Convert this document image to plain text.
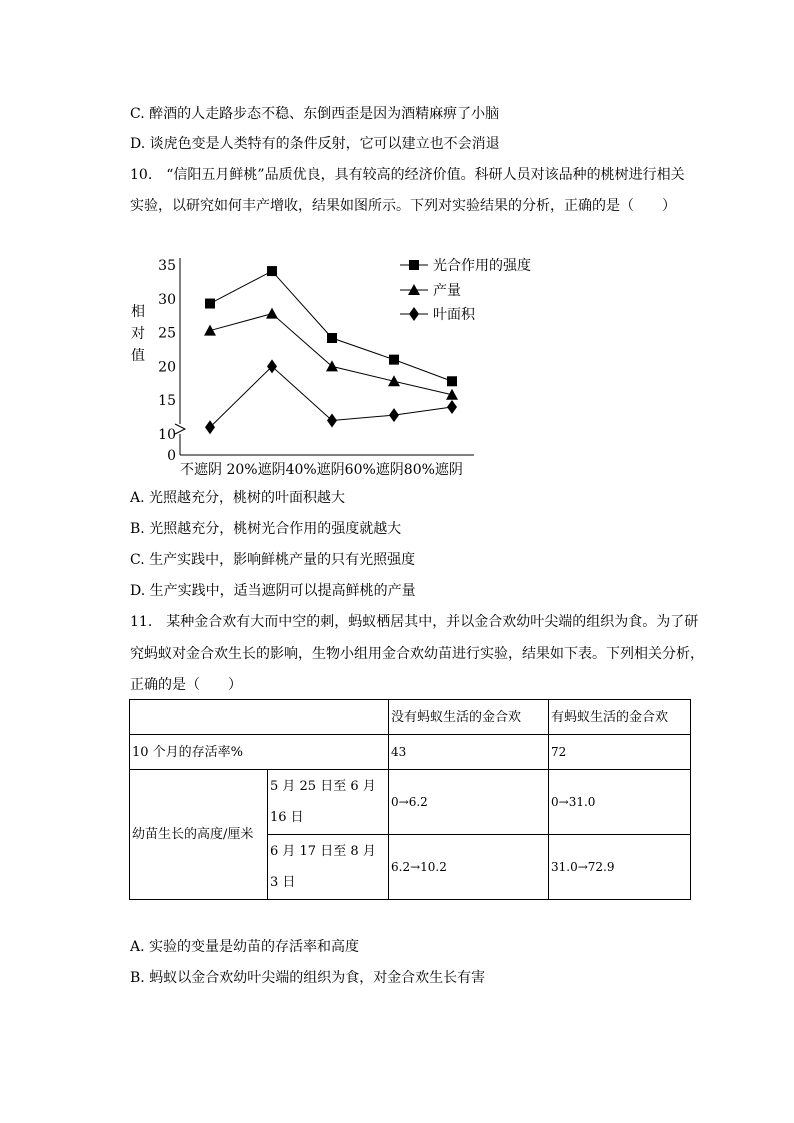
C. 醉酒的人走路步态不稳、东倒西歪是因为酒精麻痹了小脑
D. 谈虎色变是人类特有的条件反射，它可以建立也不会消退
10.　“信阳五月鲜桃”品质优良，具有较高的经济价值。科研人员对该品种的桃树进行相关
实验，以研究如何丰产增收，结果如图所示。下列对实验结果的分析，正确的是（　　）
相
对
值
35
30
25
20
15
10
0
不遮阴 20%遮阴40%遮阴60%遮阴80%遮阴
光合作用的强度
产量
叶面积
A. 光照越充分，桃树的叶面积越大
B. 光照越充分，桃树光合作用的强度就越大
C. 生产实践中，影响鲜桃产量的只有光照强度
D. 生产实践中，适当遮阴可以提高鲜桃的产量
11.　某种金合欢有大而中空的刺，蚂蚁栖居其中，并以金合欢幼叶尖端的组织为食。为了研
究蚂蚁对金合欢生长的影响，生物小组用金合欢幼苗进行实验，结果如下表。下列相关分析，
正确的是（　　）
		没有蚂蚁生活的金合欢	有蚂蚁生活的金合欢
10 个月的存活率%		43	72
幼苗生长的高度/厘米	5 月 25 日至 6 月 16 日	0→6.2	0→31.0
	6 月 17 日至 8 月 3 日	6.2→10.2	31.0→72.9
A. 实验的变量是幼苗的存活率和高度
B. 蚂蚁以金合欢幼叶尖端的组织为食，对金合欢生长有害
